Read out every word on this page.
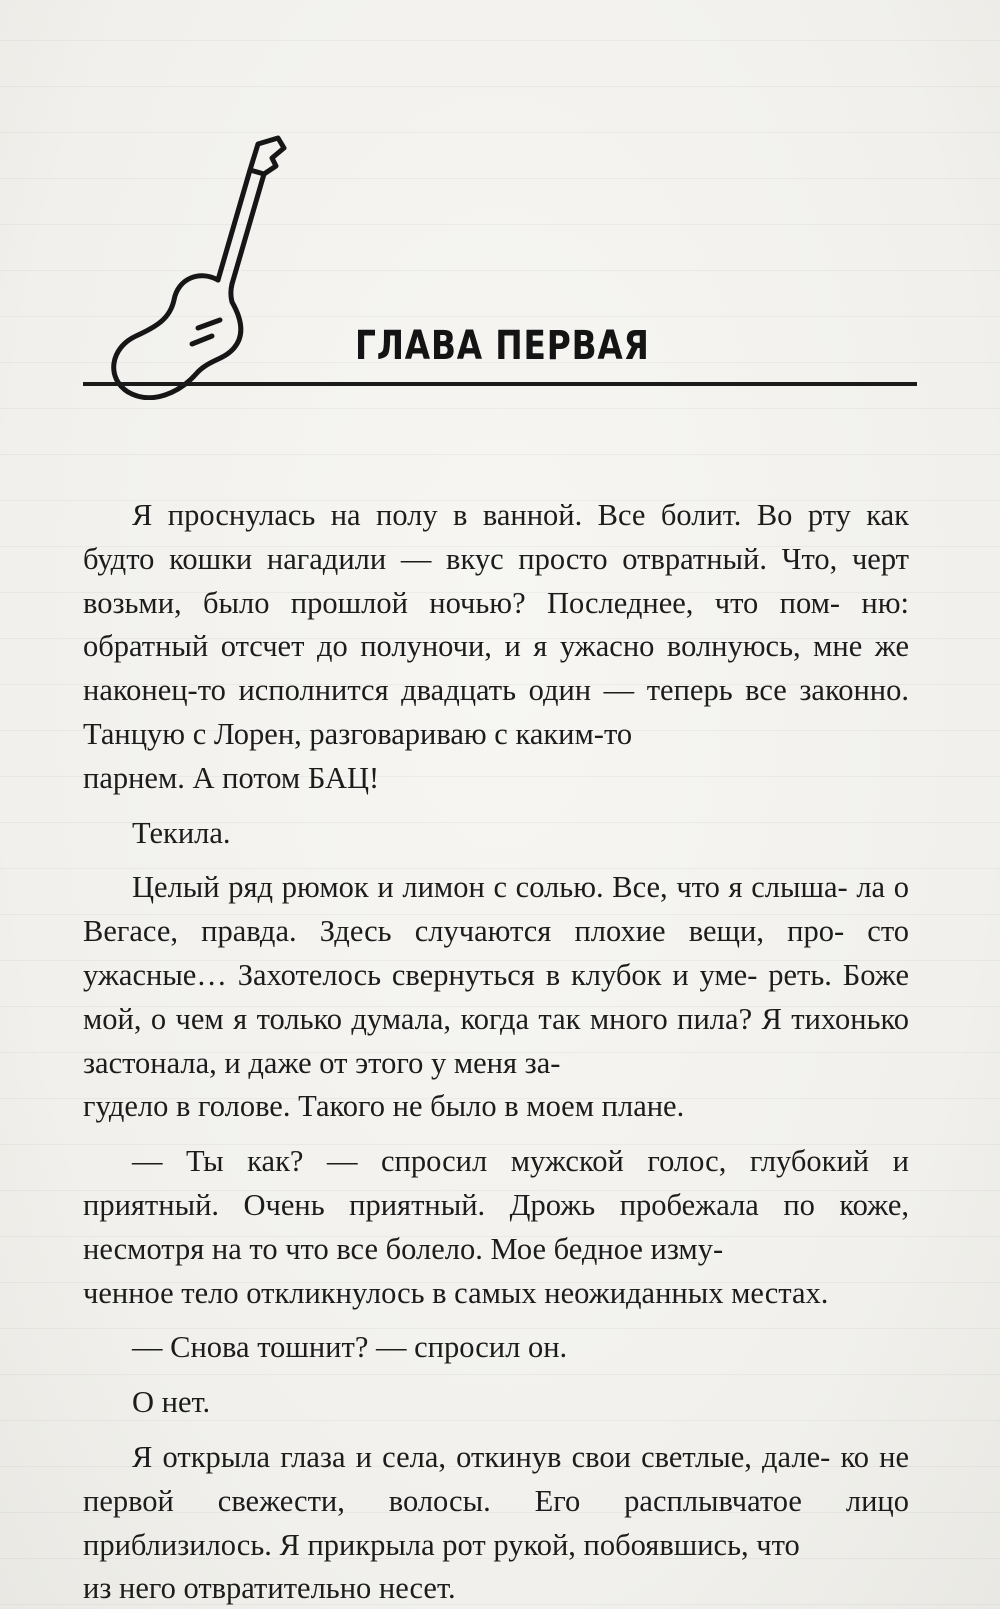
ГЛАВА ПЕРВАЯ

Я проснулась на полу в ванной. Все болит. Во рту как будто кошки нагадили — вкус просто отвратный. Что, черт возьми, было прошлой ночью? Последнее, что пом- ню: обратный отсчет до полуночи, и я ужасно волнуюсь, мне же наконец-то исполнится двадцать один — теперь все законно. Танцую с Лорен, разговариваю с каким-то
парнем. А потом БАЦ!

Текила.

Целый ряд рюмок и лимон с солью. Все, что я слыша- ла о Вегасе, правда. Здесь случаются плохие вещи, про- сто ужасные… Захотелось свернуться в клубок и уме- реть. Боже мой, о чем я только думала, когда так много пила? Я тихонько застонала, и даже от этого у меня за-
гудело в голове. Такого не было в моем плане.

— Ты как? — спросил мужской голос, глубокий и приятный. Очень приятный. Дрожь пробежала по коже, несмотря на то что все болело. Мое бедное изму-
ченное тело откликнулось в самых неожиданных местах.

— Снова тошнит? — спросил он.

О нет.

Я открыла глаза и села, откинув свои светлые, дале- ко не первой свежести, волосы. Его расплывчатое лицо приблизилось. Я прикрыла рот рукой, побоявшись, что
из него отвратительно несет.
